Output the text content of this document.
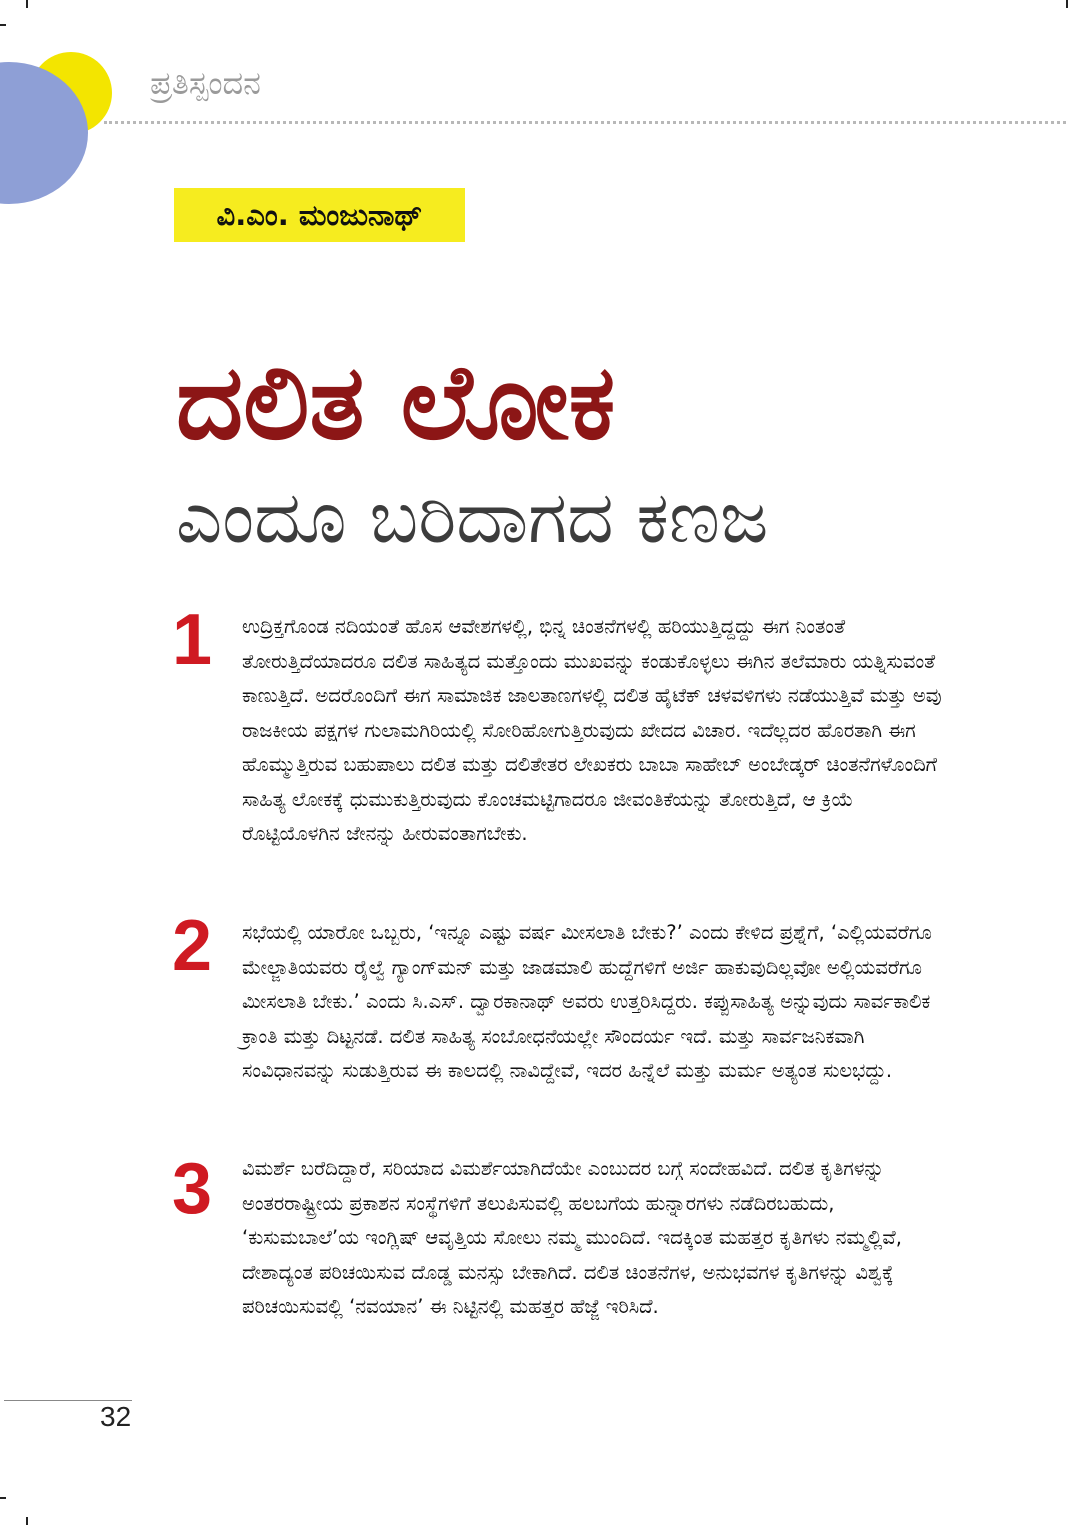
ಪ್ರತಿಸ್ಪಂದನ
ವಿ.ಎಂ. ಮಂಜುನಾಥ್
ದಲಿತ ಲೋಕ
ಎಂದೂ ಬರಿದಾಗದ ಕಣಜ
1 ಉದ್ರಿಕ್ತಗೊಂಡ ನದಿಯಂತೆ ಹೊಸ ಆವೇಶಗಳಲ್ಲಿ, ಭಿನ್ನ ಚಿಂತನೆಗಳಲ್ಲಿ ಹರಿಯುತ್ತಿದ್ದದ್ದು ಈಗ ನಿಂತಂತೆ ತೋರುತ್ತಿದೆಯಾದರೂ ದಲಿತ ಸಾಹಿತ್ಯದ ಮತ್ತೊಂದು ಮುಖವನ್ನು ಕಂಡುಕೊಳ್ಳಲು ಈಗಿನ ತಲೆಮಾರು ಯತ್ನಿಸುವಂತೆ ಕಾಣುತ್ತಿದೆ. ಅದರೊಂದಿಗೆ ಈಗ ಸಾಮಾಜಿಕ ಜಾಲತಾಣಗಳಲ್ಲಿ ದಲಿತ ಹೈಟೆಕ್ ಚಳವಳಿಗಳು ನಡೆಯುತ್ತಿವೆ ಮತ್ತು ಅವು ರಾಜಕೀಯ ಪಕ್ಷಗಳ ಗುಲಾಮಗಿರಿಯಲ್ಲಿ ಸೋರಿಹೋಗುತ್ತಿರುವುದು ಖೇದದ ವಿಚಾರ. ಇದೆಲ್ಲದರ ಹೊರತಾಗಿ ಈಗ ಹೊಮ್ಮುತ್ತಿರುವ ಬಹುಪಾಲು ದಲಿತ ಮತ್ತು ದಲಿತೇತರ ಲೇಖಕರು ಬಾಬಾ ಸಾಹೇಬ್ ಅಂಬೇಡ್ಕರ್ ಚಿಂತನೆಗಳೊಂದಿಗೆ ಸಾಹಿತ್ಯ ಲೋಕಕ್ಕೆ ಧುಮುಕುತ್ತಿರುವುದು ಕೊಂಚಮಟ್ಟಿಗಾದರೂ ಜೀವಂತಿಕೆಯನ್ನು ತೋರುತ್ತಿದೆ, ಆ ಕ್ರಿಯೆ ರೊಟ್ಟಿಯೊಳಗಿನ ಜೇನನ್ನು ಹೀರುವಂತಾಗಬೇಕು.

2 ಸಭೆಯಲ್ಲಿ ಯಾರೋ ಒಬ್ಬರು, ‘ಇನ್ನೂ ಎಷ್ಟು ವರ್ಷ ಮೀಸಲಾತಿ ಬೇಕು?’ ಎಂದು ಕೇಳಿದ ಪ್ರಶ್ನೆಗೆ, ‘ಎಲ್ಲಿಯವರೆಗೂ ಮೇಲ್ಜಾತಿಯವರು ರೈಲ್ವೆ ಗ್ಯಾಂಗ್‌ಮನ್ ಮತ್ತು ಜಾಡಮಾಲಿ ಹುದ್ದೆಗಳಿಗೆ ಅರ್ಜಿ ಹಾಕುವುದಿಲ್ಲವೋ ಅಲ್ಲಿಯವರೆಗೂ ಮೀಸಲಾತಿ ಬೇಕು.’ ಎಂದು ಸಿ.ಎಸ್. ದ್ವಾರಕಾನಾಥ್ ಅವರು ಉತ್ತರಿಸಿದ್ದರು. ಕಪ್ಪುಸಾಹಿತ್ಯ ಅನ್ನುವುದು ಸಾರ್ವಕಾಲಿಕ ಕ್ರಾಂತಿ ಮತ್ತು ದಿಟ್ಟನಡೆ. ದಲಿತ ಸಾಹಿತ್ಯ ಸಂಬೋಧನೆಯಲ್ಲೇ ಸೌಂದರ್ಯ ಇದೆ. ಮತ್ತು ಸಾರ್ವಜನಿಕವಾಗಿ ಸಂವಿಧಾನವನ್ನು ಸುಡುತ್ತಿರುವ ಈ ಕಾಲದಲ್ಲಿ ನಾವಿದ್ದೇವೆ, ಇದರ ಹಿನ್ನೆಲೆ ಮತ್ತು ಮರ್ಮ ಅತ್ಯಂತ ಸುಲಭದ್ದು.

3 ವಿಮರ್ಶೆ ಬರೆದಿದ್ದಾರೆ, ಸರಿಯಾದ ವಿಮರ್ಶೆಯಾಗಿದೆಯೇ ಎಂಬುದರ ಬಗ್ಗೆ ಸಂದೇಹವಿದೆ. ದಲಿತ ಕೃತಿಗಳನ್ನು ಅಂತರರಾಷ್ಟ್ರೀಯ ಪ್ರಕಾಶನ ಸಂಸ್ಥೆಗಳಿಗೆ ತಲುಪಿಸುವಲ್ಲಿ ಹಲಬಗೆಯ ಹುನ್ನಾರಗಳು ನಡೆದಿರಬಹುದು, ‘ಕುಸುಮಬಾಲೆ’ಯ ಇಂಗ್ಲಿಷ್ ಆವೃತ್ತಿಯ ಸೋಲು ನಮ್ಮ ಮುಂದಿದೆ. ಇದಕ್ಕಿಂತ ಮಹತ್ತರ ಕೃತಿಗಳು ನಮ್ಮಲ್ಲಿವೆ, ದೇಶಾದ್ಯಂತ ಪರಿಚಯಿಸುವ ದೊಡ್ಡ ಮನಸ್ಸು ಬೇಕಾಗಿದೆ. ದಲಿತ ಚಿಂತನೆಗಳ, ಅನುಭವಗಳ ಕೃತಿಗಳನ್ನು ವಿಶ್ವಕ್ಕೆ ಪರಿಚಯಿಸುವಲ್ಲಿ ‘ನವಯಾನ’ ಈ ನಿಟ್ಟಿನಲ್ಲಿ ಮಹತ್ತರ ಹೆಜ್ಜೆ ಇರಿಸಿದೆ.

32
